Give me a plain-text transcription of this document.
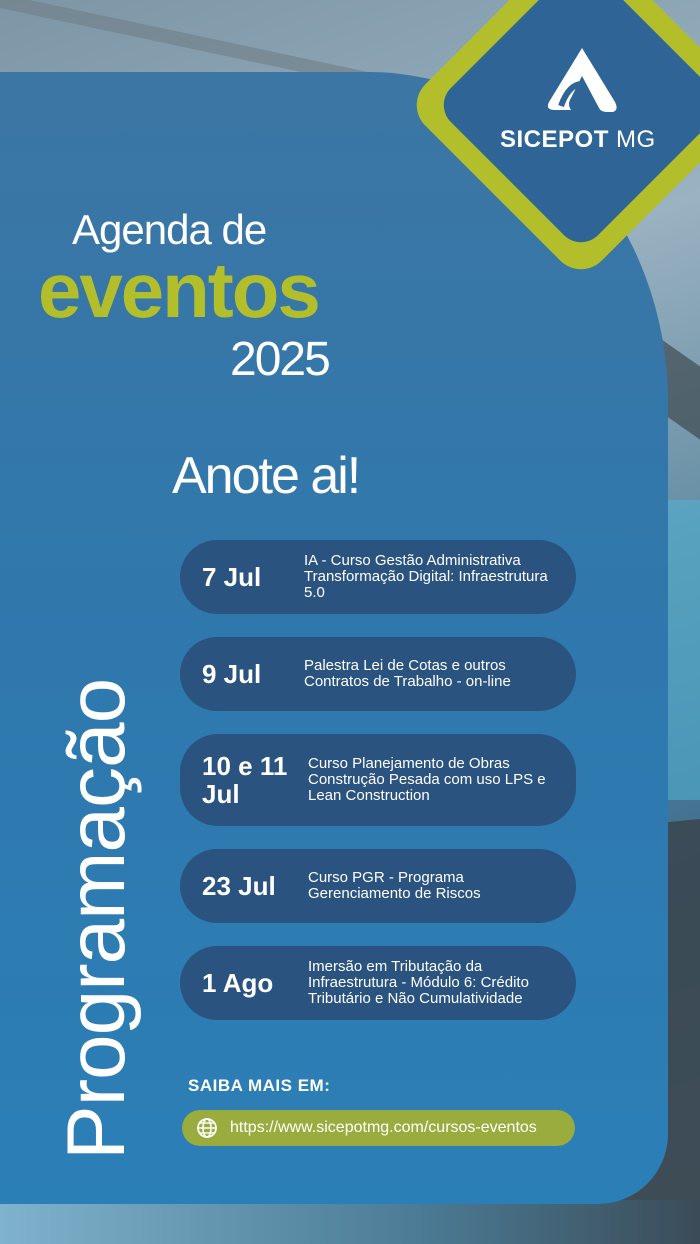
SICEPOT MG
Agenda de
eventos
2025
Anote ai!
Programação
7 Jul
IA - Curso Gestão Administrativa Transformação Digital: Infraestrutura 5.0
9 Jul	Palestra Lei de Cotas e outros Contratos de Trabalho - on-line
10 e 11 Jul
Curso Planejamento de Obras Construção Pesada com uso LPS e Lean Construction
23 Jul	Curso PGR - Programa Gerenciamento de Riscos
1 Ago
Imersão em Tributação da Infraestrutura - Módulo 6: Crédito Tributário e Não Cumulatividade
SAIBA MAIS EM:
https://www.sicepotmg.com/cursos-eventos
